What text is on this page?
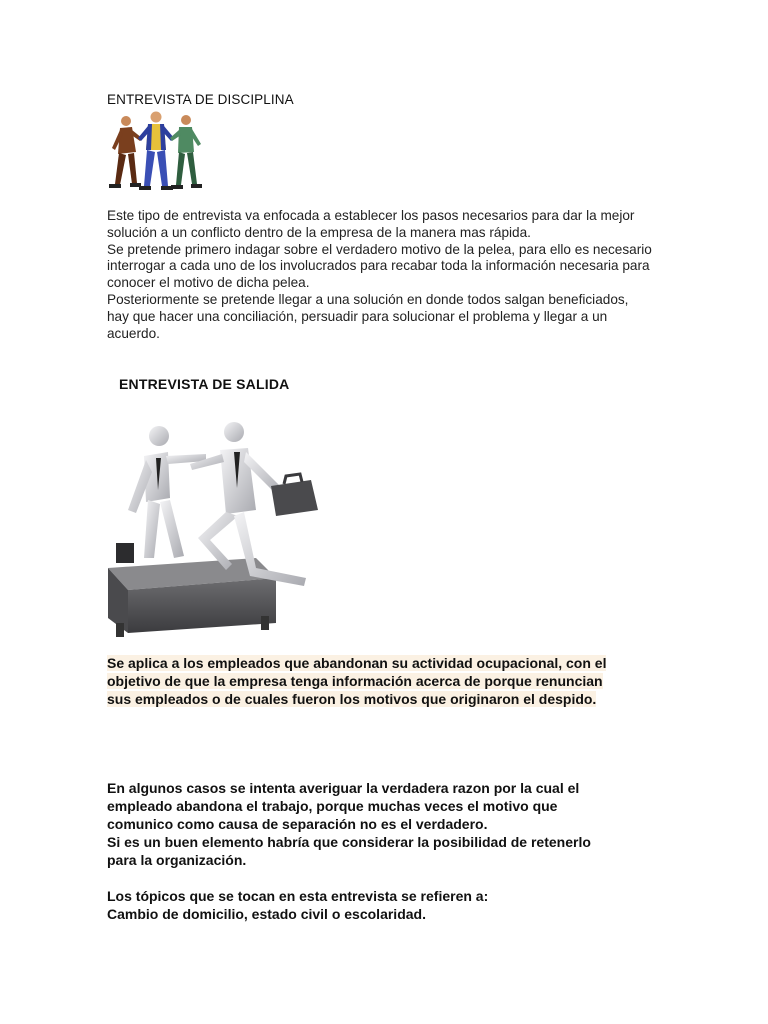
ENTREVISTA DE DISCIPLINA
Este tipo de entrevista va enfocada a establecer los pasos necesarios para dar la mejor
solución a un conflicto dentro de la empresa de la manera mas rápida.
Se pretende primero indagar sobre el verdadero motivo de la pelea, para ello es necesario
interrogar a cada uno de los involucrados para recabar toda la información necesaria para
conocer el motivo de dicha pelea.
Posteriormente se pretende llegar a una solución en donde todos salgan beneficiados,
hay que hacer una conciliación, persuadir para solucionar el problema y llegar a un
acuerdo.
ENTREVISTA DE SALIDA
Se aplica a los empleados que abandonan su actividad ocupacional, con el
objetivo de que la empresa tenga información acerca de porque renuncian
sus empleados o de cuales fueron los motivos que originaron el despido.
En algunos casos se intenta averiguar la verdadera razon por la cual el
empleado abandona el trabajo, porque muchas veces el motivo que
comunico como causa de separación no es el verdadero.
Si es un buen elemento habría que considerar la posibilidad de retenerlo
para la organización.
Los tópicos que se tocan en esta entrevista se refieren a:
Cambio de domicilio, estado civil o escolaridad.
